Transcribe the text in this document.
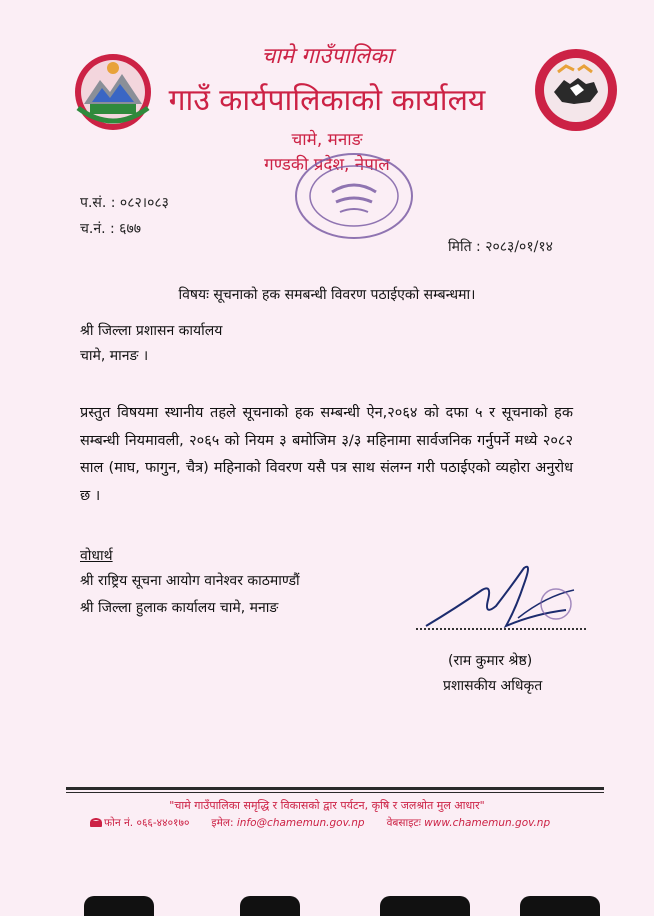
चामे गाउँपालिका
गाउँ कार्यपालिकाको कार्यालय
चामे, मनाङ
गण्डकी प्रदेश, नेपाल
प.सं. : ०८२।०८३
च.नं. : ६७७
मिति : २०८३/०१/१४
विषयः सूचनाको हक समबन्धी विवरण पठाईएको सम्बन्धमा।
श्री जिल्ला प्रशासन कार्यालय
चामे, मानङ ।
प्रस्तुत विषयमा स्थानीय तहले सूचनाको हक सम्बन्धी ऐन,२०६४ को दफा ५ र सूचनाको हक सम्बन्धी नियमावली, २०६५ को नियम ३ बमोजिम ३/३ महिनामा सार्वजनिक गर्नुपर्ने मध्ये २०८२ साल (माघ, फागुन, चैत्र) महिनाको विवरण यसै पत्र साथ संलग्न गरी पठाईएको व्यहोरा अनुरोध छ ।
वोधार्थ
श्री राष्ट्रिय सूचना आयोग वानेश्वर काठमाण्डौं
श्री जिल्ला हुलाक कार्यालय चामे, मनाङ
(राम कुमार श्रेष्ठ)
प्रशासकीय अधिकृत
"चामे गाउँपालिका समृद्धि र विकासको द्वार पर्यटन, कृषि र जलश्रोत मुल आधार"
फोन नं. ०६६-४४०१७० इमेल: info@chamemun.gov.np वेबसाइटः www.chamemun.gov.np
